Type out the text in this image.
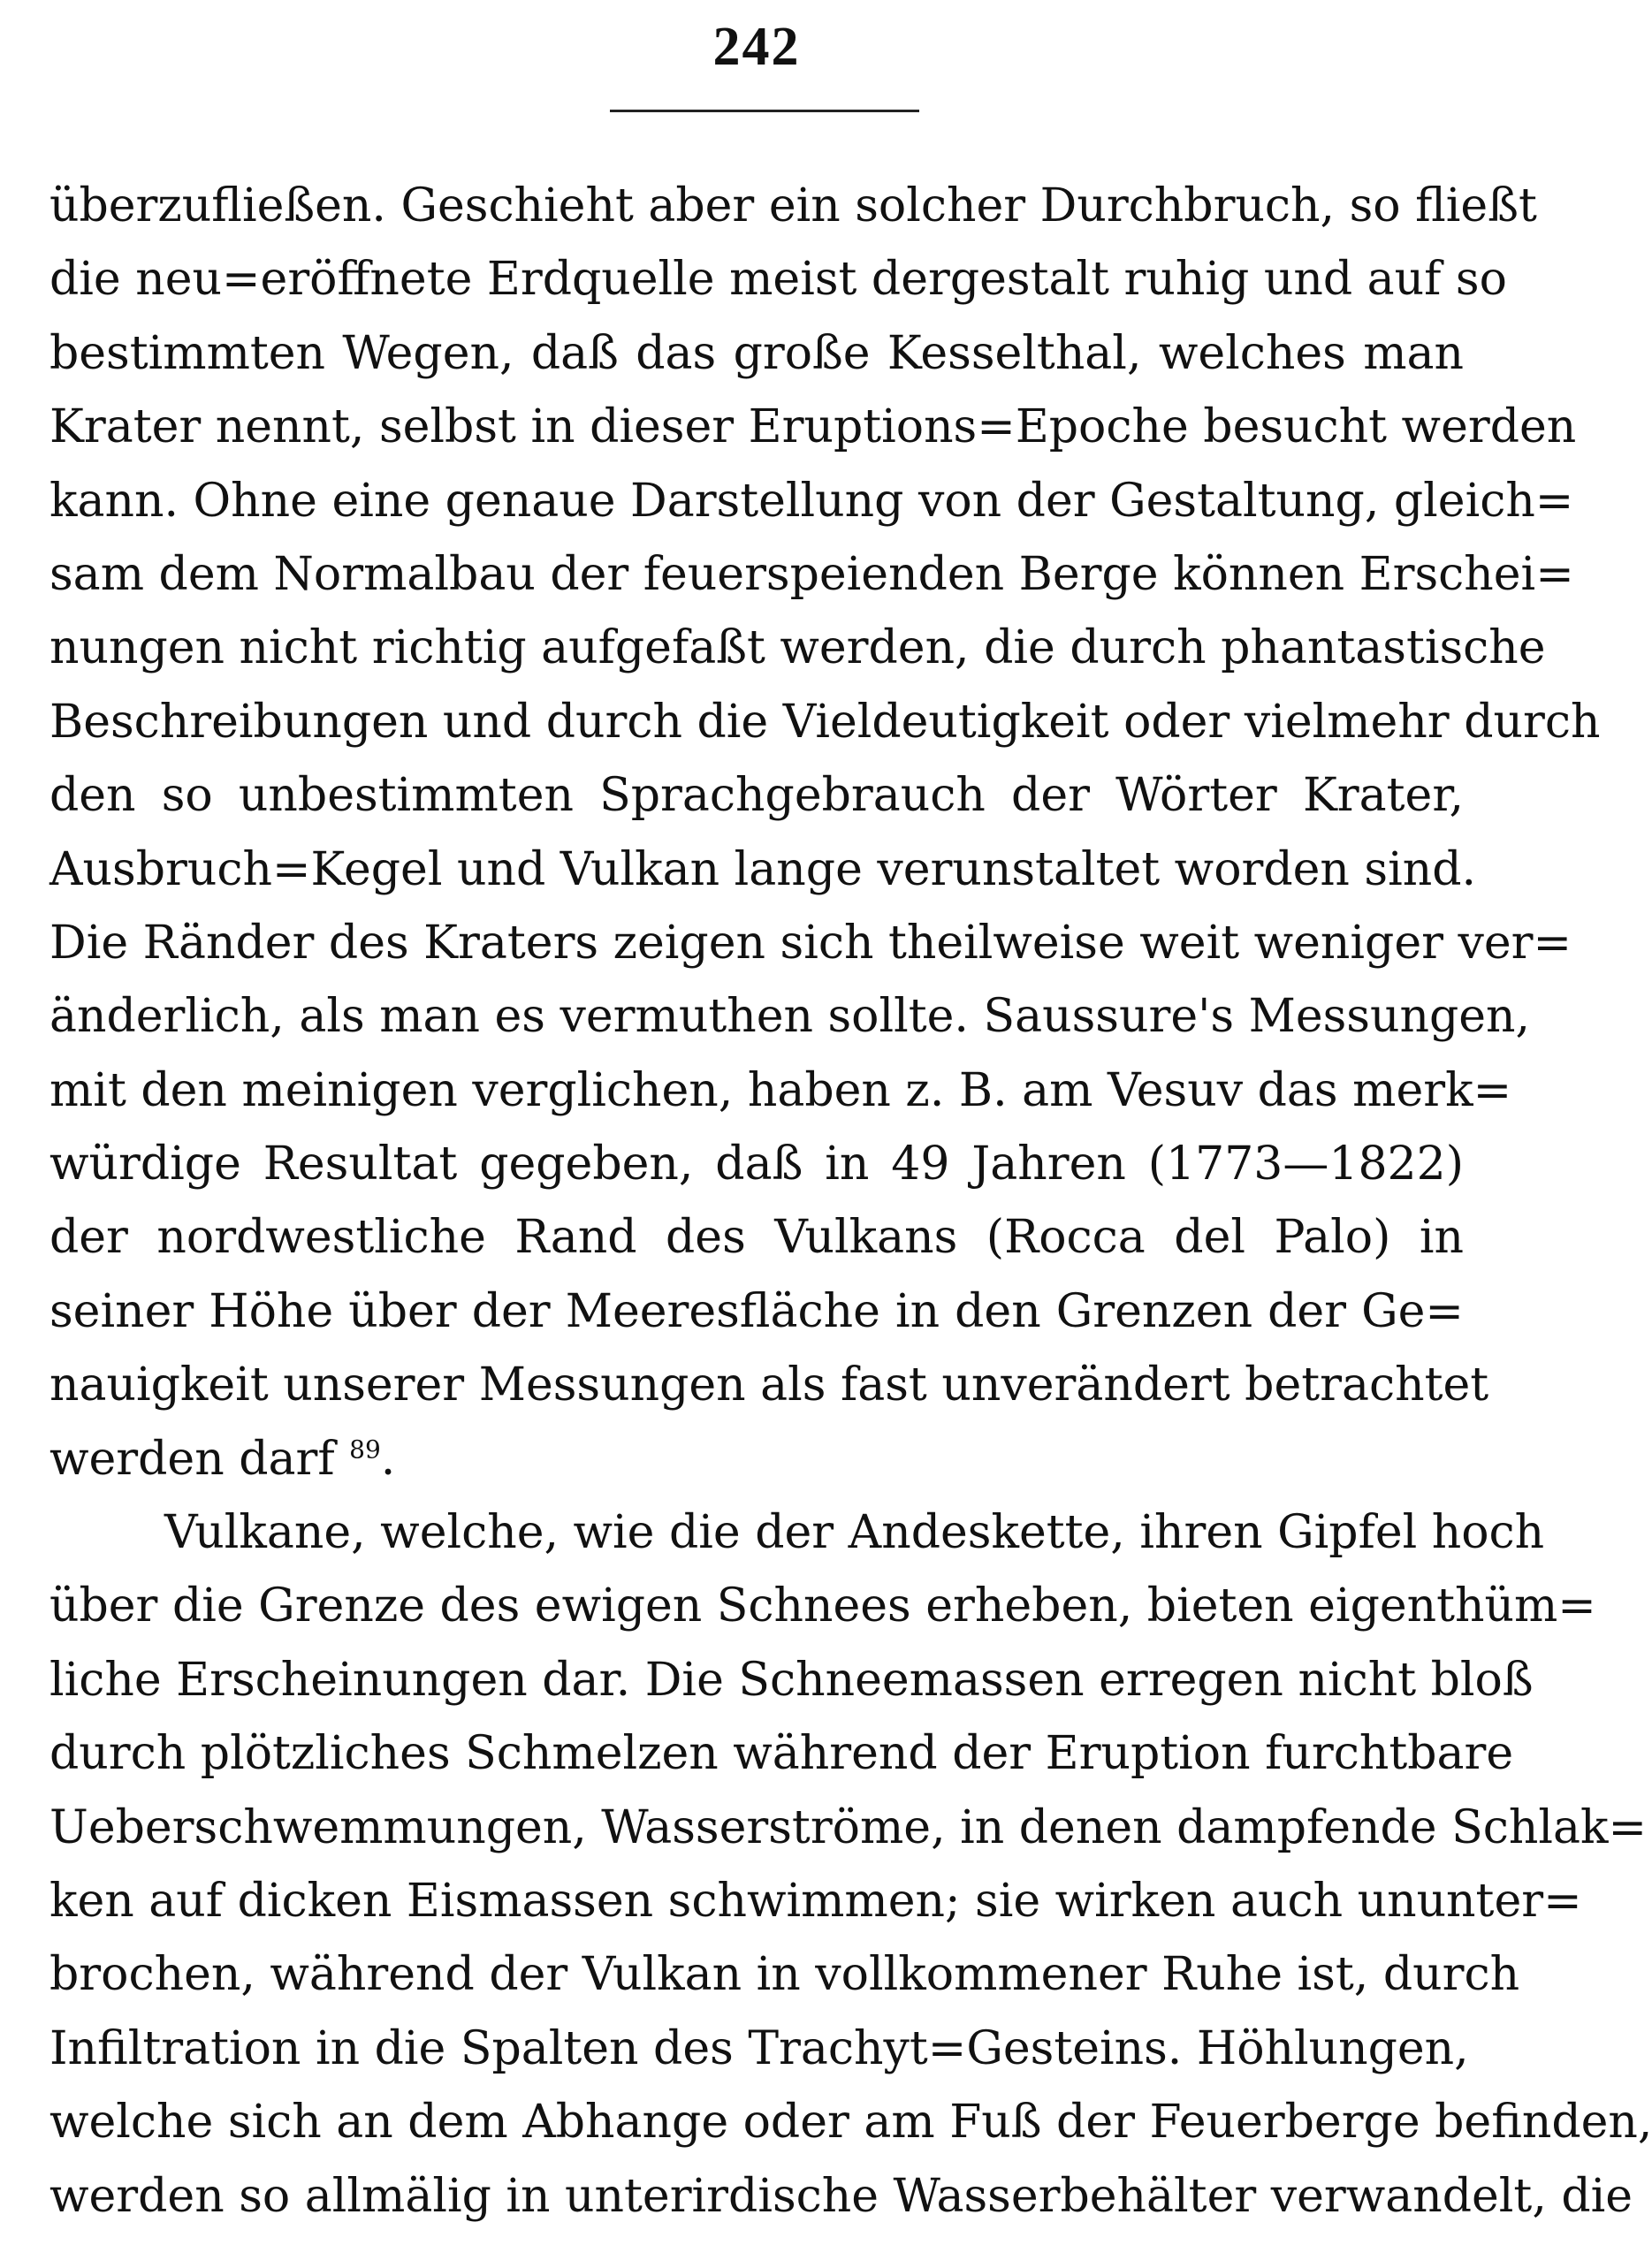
242
überzufließen. Geschieht aber ein solcher Durchbruch, so fließt
die neu=eröffnete Erdquelle meist dergestalt ruhig und auf so
bestimmten Wegen, daß das große Kesselthal, welches man
Krater nennt, selbst in dieser Eruptions=Epoche besucht werden
kann. Ohne eine genaue Darstellung von der Gestaltung, gleich=
sam dem Normalbau der feuerspeienden Berge können Erschei=
nungen nicht richtig aufgefaßt werden, die durch phantastische
Beschreibungen und durch die Vieldeutigkeit oder vielmehr durch
den so unbestimmten Sprachgebrauch der Wörter Krater,
Ausbruch=Kegel und Vulkan lange verunstaltet worden sind.
Die Ränder des Kraters zeigen sich theilweise weit weniger ver=
änderlich, als man es vermuthen sollte. Saussure's Messungen,
mit den meinigen verglichen, haben z. B. am Vesuv das merk=
würdige Resultat gegeben, daß in 49 Jahren (1773—1822)
der nordwestliche Rand des Vulkans (Rocca del Palo) in
seiner Höhe über der Meeresfläche in den Grenzen der Ge=
nauigkeit unserer Messungen als fast unverändert betrachtet
werden darf $^{89}$.
Vulkane, welche, wie die der Andeskette, ihren Gipfel hoch
über die Grenze des ewigen Schnees erheben, bieten eigenthüm=
liche Erscheinungen dar. Die Schneemassen erregen nicht bloß
durch plötzliches Schmelzen während der Eruption furchtbare
Ueberschwemmungen, Wasserströme, in denen dampfende Schlak=
ken auf dicken Eismassen schwimmen; sie wirken auch ununter=
brochen, während der Vulkan in vollkommener Ruhe ist, durch
Infiltration in die Spalten des Trachyt=Gesteins. Höhlungen,
welche sich an dem Abhange oder am Fuß der Feuerberge befinden,
werden so allmälig in unterirdische Wasserbehälter verwandelt, die
